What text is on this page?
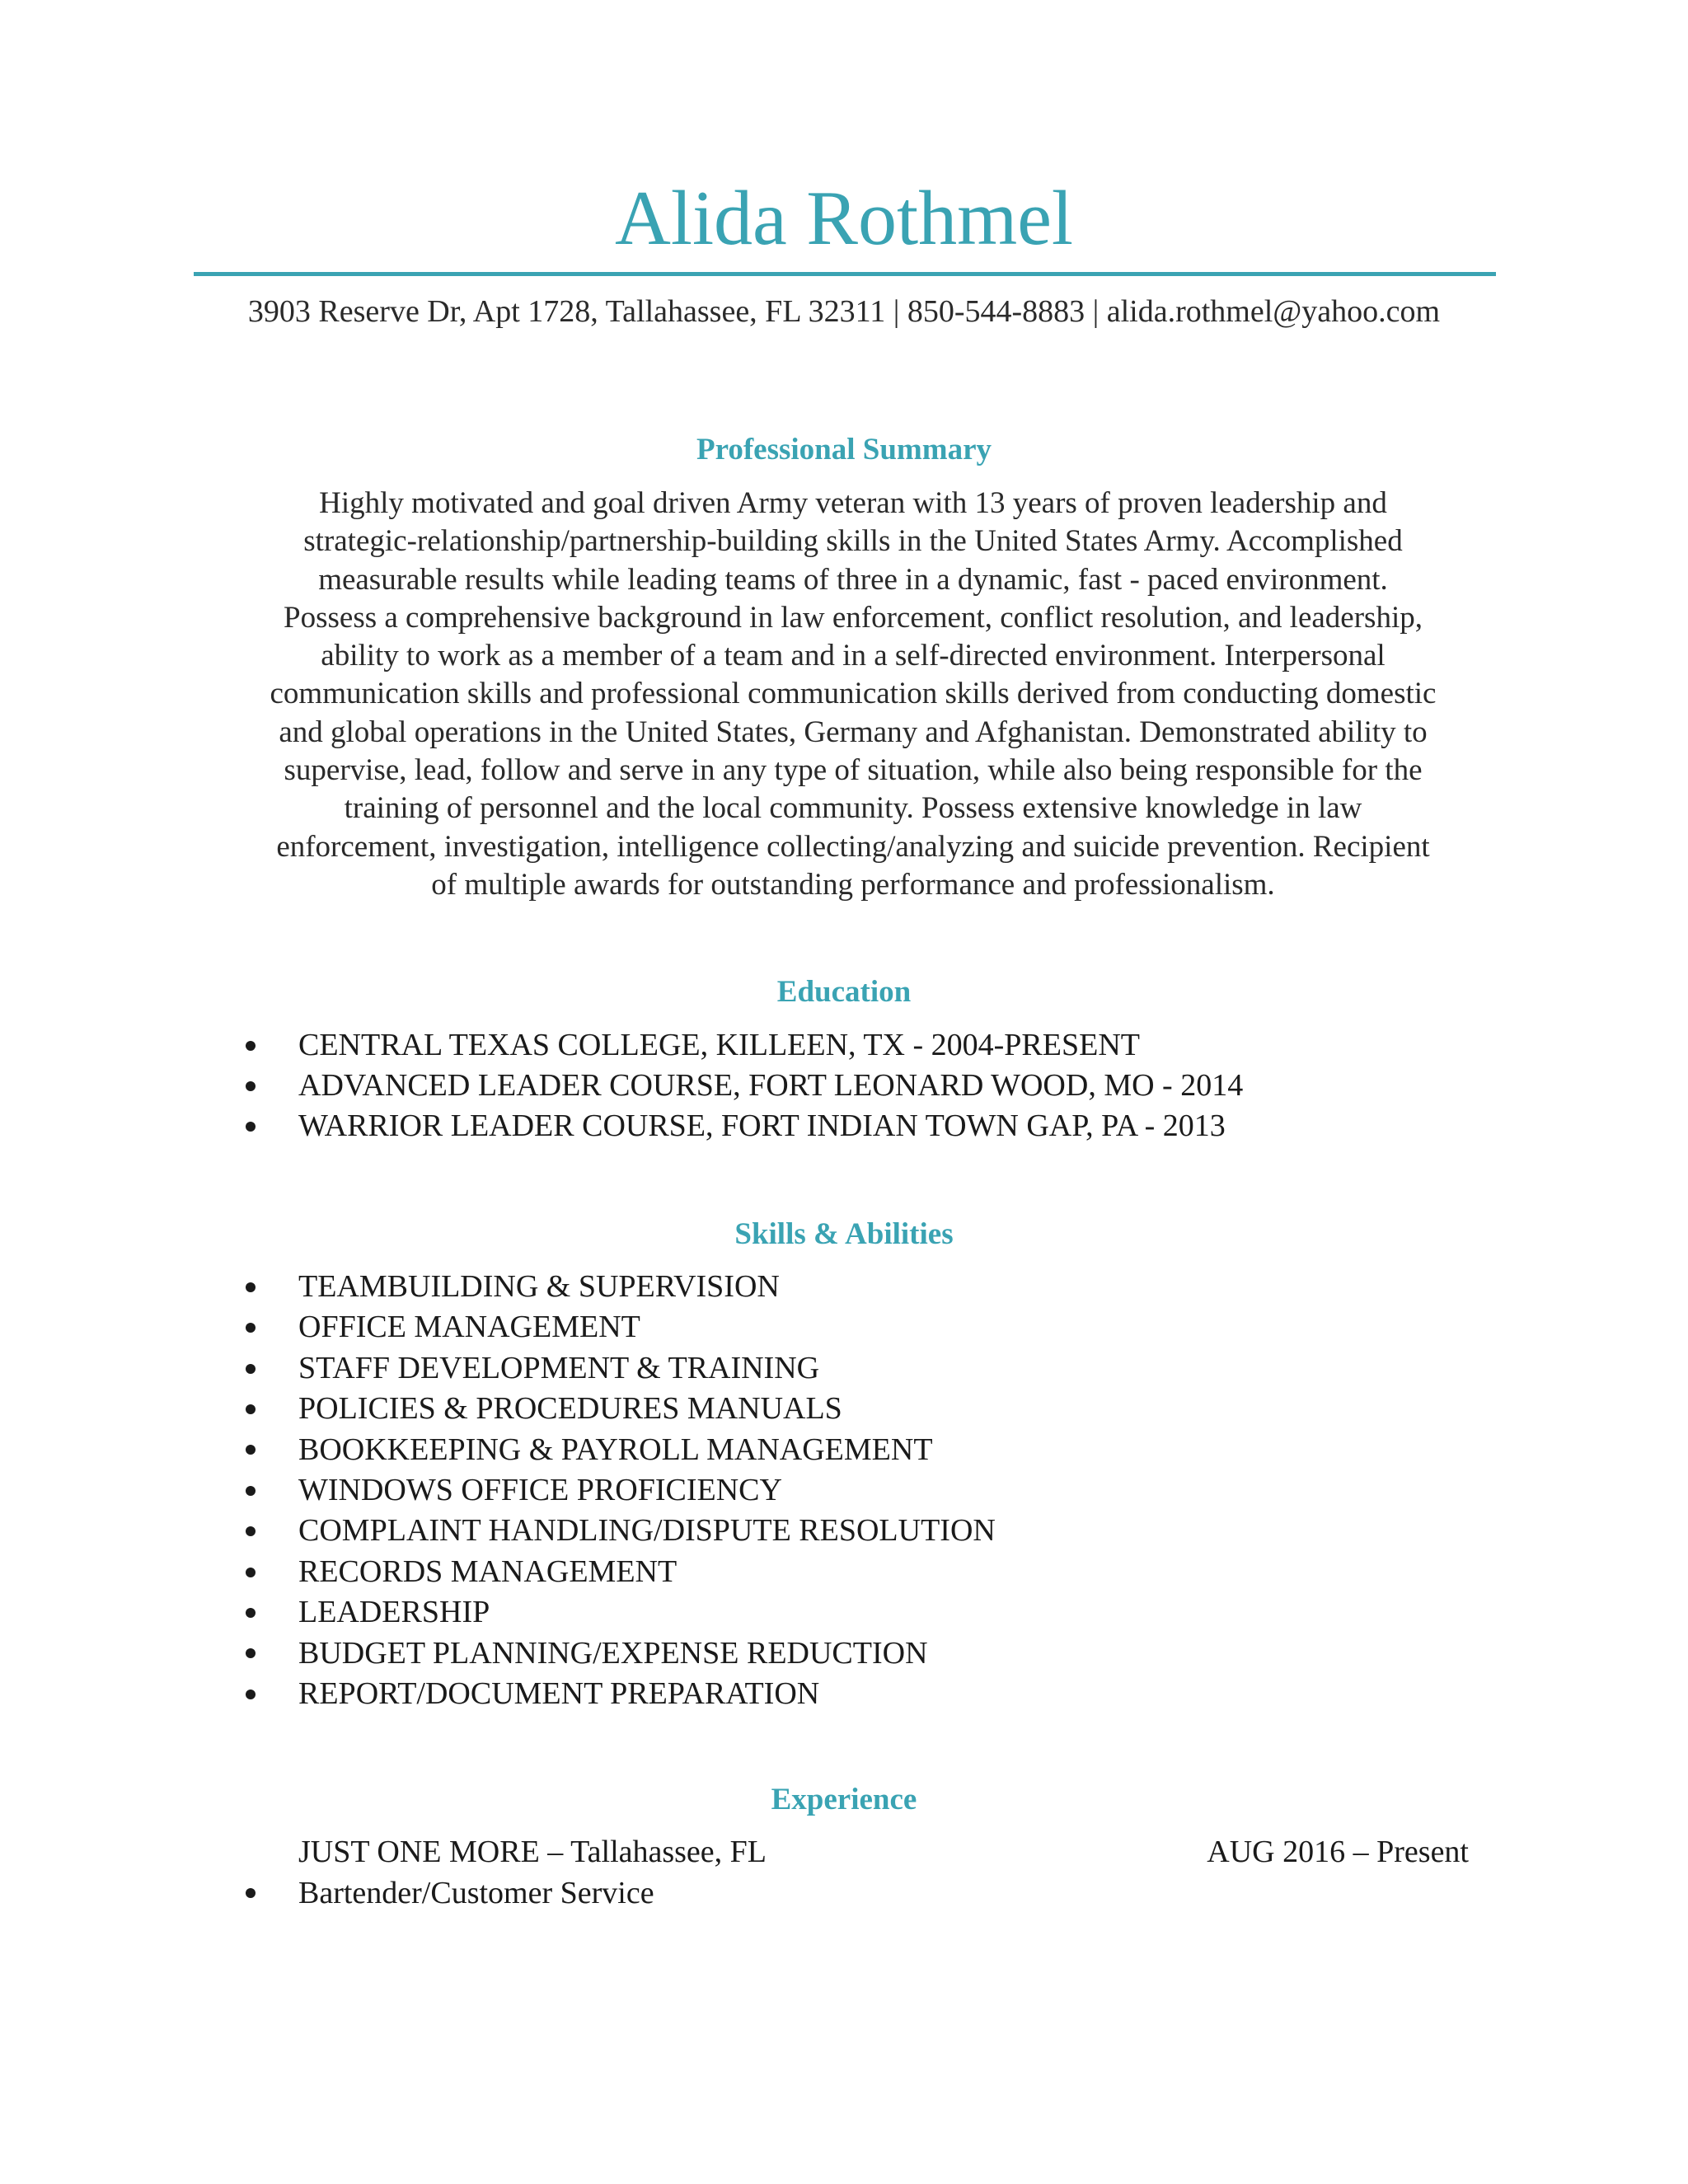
Alida Rothmel
3903 Reserve Dr, Apt 1728, Tallahassee, FL 32311 | 850-544-8883 | alida.rothmel@yahoo.com
Professional Summary
Highly motivated and goal driven Army veteran with 13 years of proven leadership and
strategic-relationship/partnership-building skills in the United States Army. Accomplished
measurable results while leading teams of three in a dynamic, fast - paced environment.
Possess a comprehensive background in law enforcement, conflict resolution, and leadership,
ability to work as a member of a team and in a self-directed environment. Interpersonal
communication skills and professional communication skills derived from conducting domestic
and global operations in the United States, Germany and Afghanistan. Demonstrated ability to
supervise, lead, follow and serve in any type of situation, while also being responsible for the
training of personnel and the local community. Possess extensive knowledge in law
enforcement, investigation, intelligence collecting/analyzing and suicide prevention. Recipient
of multiple awards for outstanding performance and professionalism.
Education
CENTRAL TEXAS COLLEGE, KILLEEN, TX - 2004-PRESENT
ADVANCED LEADER COURSE, FORT LEONARD WOOD, MO - 2014
WARRIOR LEADER COURSE, FORT INDIAN TOWN GAP, PA - 2013
Skills & Abilities
TEAMBUILDING & SUPERVISION
OFFICE MANAGEMENT
STAFF DEVELOPMENT & TRAINING
POLICIES & PROCEDURES MANUALS
BOOKKEEPING & PAYROLL MANAGEMENT
WINDOWS OFFICE PROFICIENCY
COMPLAINT HANDLING/DISPUTE RESOLUTION
RECORDS MANAGEMENT
LEADERSHIP
BUDGET PLANNING/EXPENSE REDUCTION
REPORT/DOCUMENT PREPARATION
Experience
JUST ONE MORE – Tallahassee, FL	AUG 2016 – Present
Bartender/Customer Service
